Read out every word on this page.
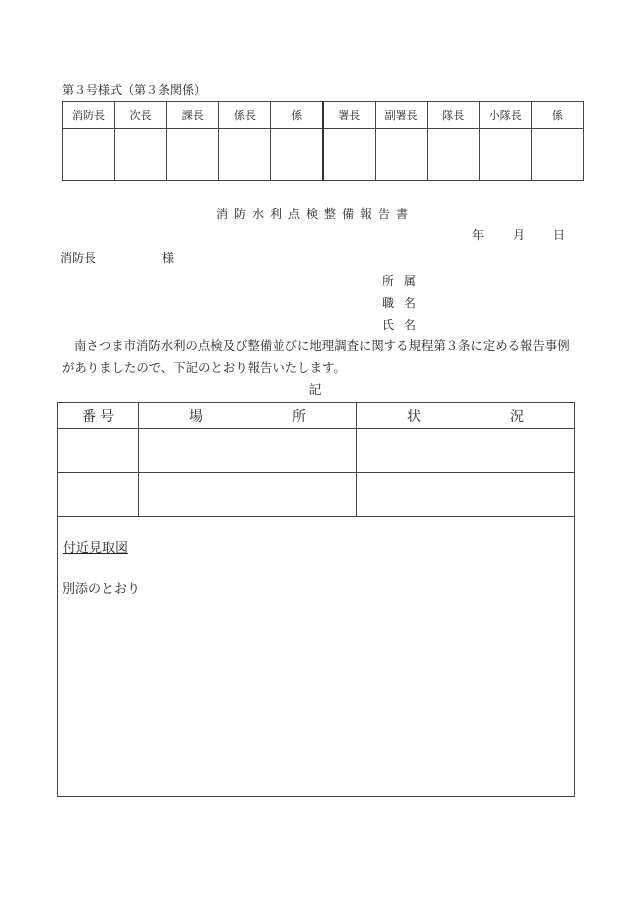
第３号様式（第３条関係）
消防長	次長	課長	係長	係	署長	副署長	隊長	小隊長	係

消防水利点検整備報告書
年 月 日
消防長	様
所 属
職 名
氏 名
南さつま市消防水利の点検及び整備並びに地理調査に関する規程第３条に定める報告事例
がありましたので、下記のとおり報告いたします。
記
番 号	場 所	状 況

付近見取図
別添のとおり		
